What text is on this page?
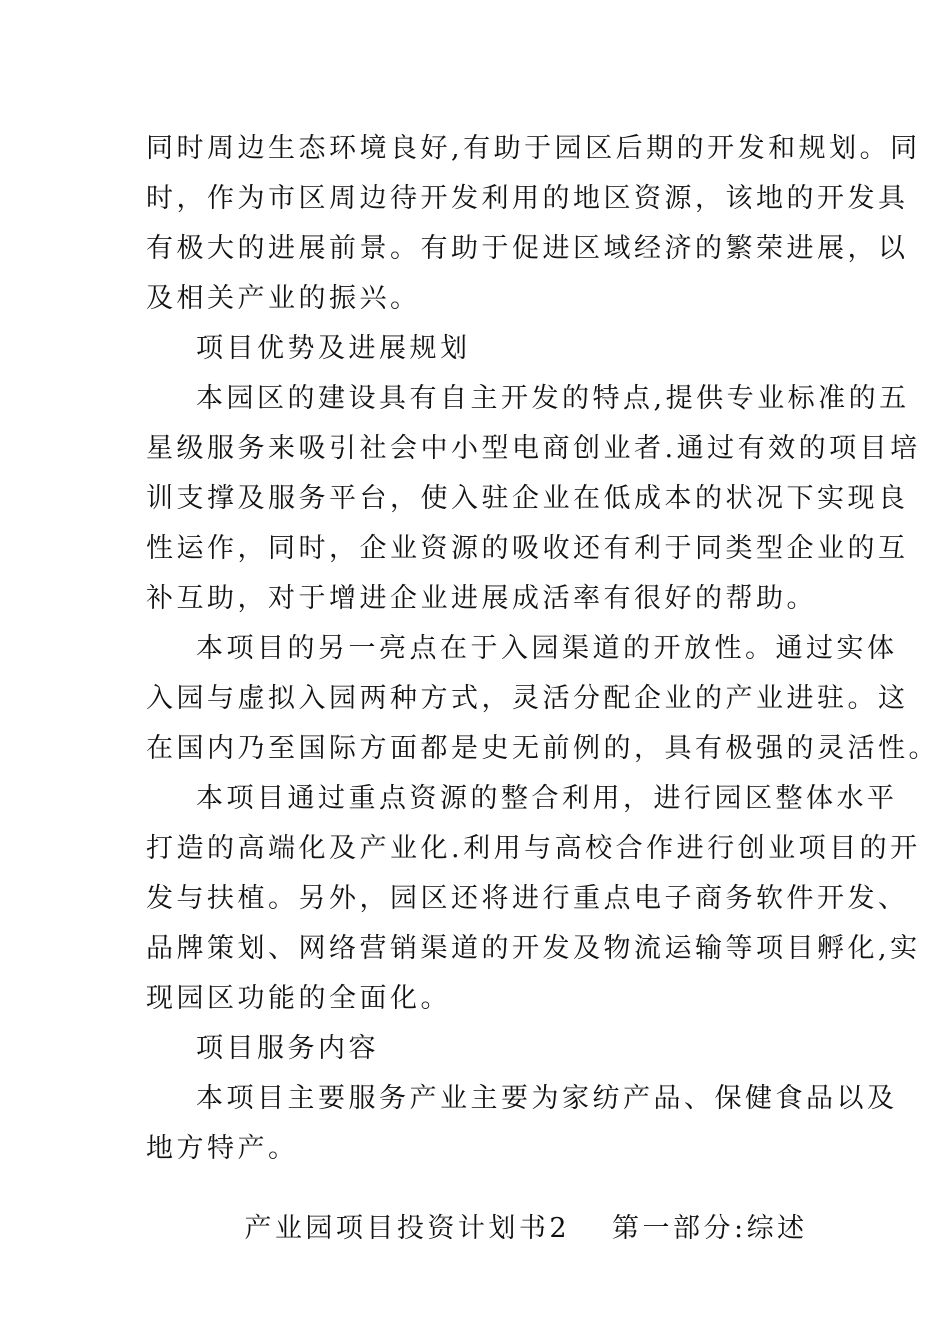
同时周边生态环境良好,有助于园区后期的开发和规划。同
时，作为市区周边待开发利用的地区资源，该地的开发具
有极大的进展前景。有助于促进区域经济的繁荣进展，以
及相关产业的振兴。
项目优势及进展规划
本园区的建设具有自主开发的特点,提供专业标准的五
星级服务来吸引社会中小型电商创业者.通过有效的项目培
训支撑及服务平台，使入驻企业在低成本的状况下实现良
性运作，同时，企业资源的吸收还有利于同类型企业的互
补互助，对于增进企业进展成活率有很好的帮助。
本项目的另一亮点在于入园渠道的开放性。通过实体
入园与虚拟入园两种方式，灵活分配企业的产业进驻。这
在国内乃至国际方面都是史无前例的，具有极强的灵活性。
本项目通过重点资源的整合利用，进行园区整体水平
打造的高端化及产业化.利用与高校合作进行创业项目的开
发与扶植。另外，园区还将进行重点电子商务软件开发、
品牌策划、网络营销渠道的开发及物流运输等项目孵化,实
现园区功能的全面化。
项目服务内容
本项目主要服务产业主要为家纺产品、保健食品以及
地方特产。

产业园项目投资计划书2 第一部分:综述
